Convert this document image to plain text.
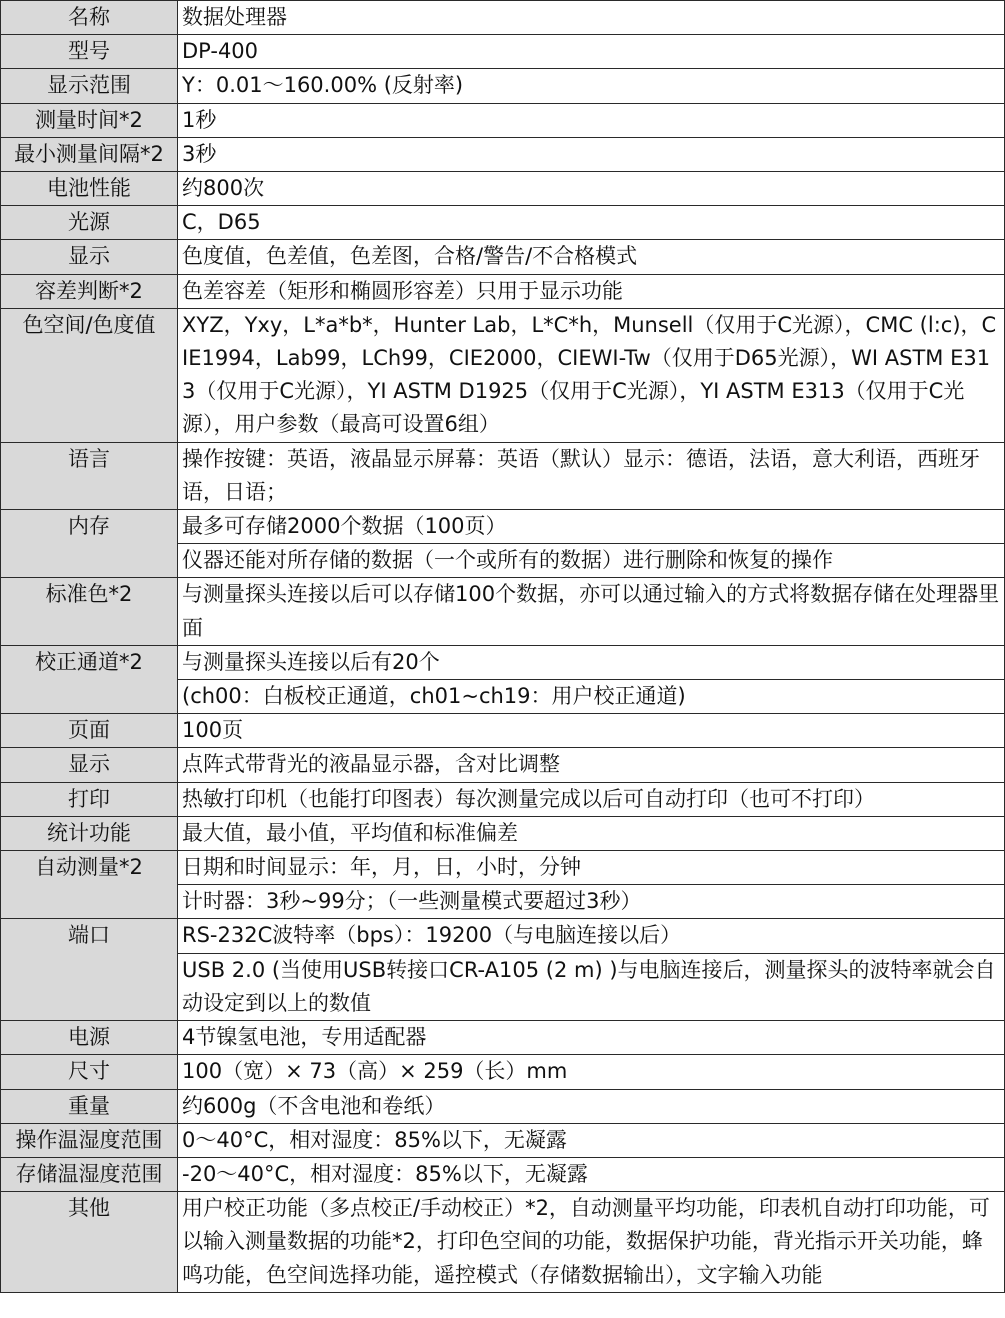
名称	数据处理器
型号	DP-400
显示范围	Y：0.01～160.00% (反射率)
测量时间*2	1秒
最小测量间隔*2	3秒
电池性能	约800次
光源	C，D65
显示	色度值，色差值，色差图，合格/警告/不合格模式
容差判断*2	色差容差（矩形和椭圆形容差）只用于显示功能
色空间/色度值	XYZ，Yxy，L*a*b*，Hunter Lab，L*C*h，Munsell（仅用于C光源），CMC (l:c)，CIE1994，Lab99，LCh99，CIE2000，CIEWI-Tw（仅用于D65光源），WI ASTM E313（仅用于C光源），YI ASTM D1925（仅用于C光源），YI ASTM E313（仅用于C光源），用户参数（最高可设置6组）
语言	操作按键：英语，液晶显示屏幕：英语（默认）显示：德语，法语，意大利语，西班牙语，日语；
内存	最多可存储2000个数据（100页）
	仪器还能对所存储的数据（一个或所有的数据）进行删除和恢复的操作
标准色*2	与测量探头连接以后可以存储100个数据，亦可以通过输入的方式将数据存储在处理器里面
校正通道*2	与测量探头连接以后有20个
	(ch00：白板校正通道，ch01~ch19：用户校正通道)
页面	100页
显示	点阵式带背光的液晶显示器，含对比调整
打印	热敏打印机（也能打印图表）每次测量完成以后可自动打印（也可不打印）
统计功能	最大值，最小值，平均值和标准偏差
自动测量*2	日期和时间显示：年，月，日，小时，分钟
	计时器：3秒~99分；（一些测量模式要超过3秒）
端口	RS-232C波特率（bps）：19200（与电脑连接以后）
	USB 2.0 (当使用USB转接口CR-A105 (2 m) )与电脑连接后，测量探头的波特率就会自动设定到以上的数值
电源	4节镍氢电池，专用适配器
尺寸	100（宽）× 73（高）× 259（长）mm
重量	约600g（不含电池和卷纸）
操作温湿度范围	0～40°C，相对湿度：85%以下，无凝露
存储温湿度范围	-20～40°C，相对湿度：85%以下，无凝露
其他	用户校正功能（多点校正/手动校正）*2，自动测量平均功能，印表机自动打印功能，可以输入测量数据的功能*2，打印色空间的功能，数据保护功能，背光指示开关功能，蜂鸣功能，色空间选择功能，遥控模式（存储数据输出），文字输入功能
